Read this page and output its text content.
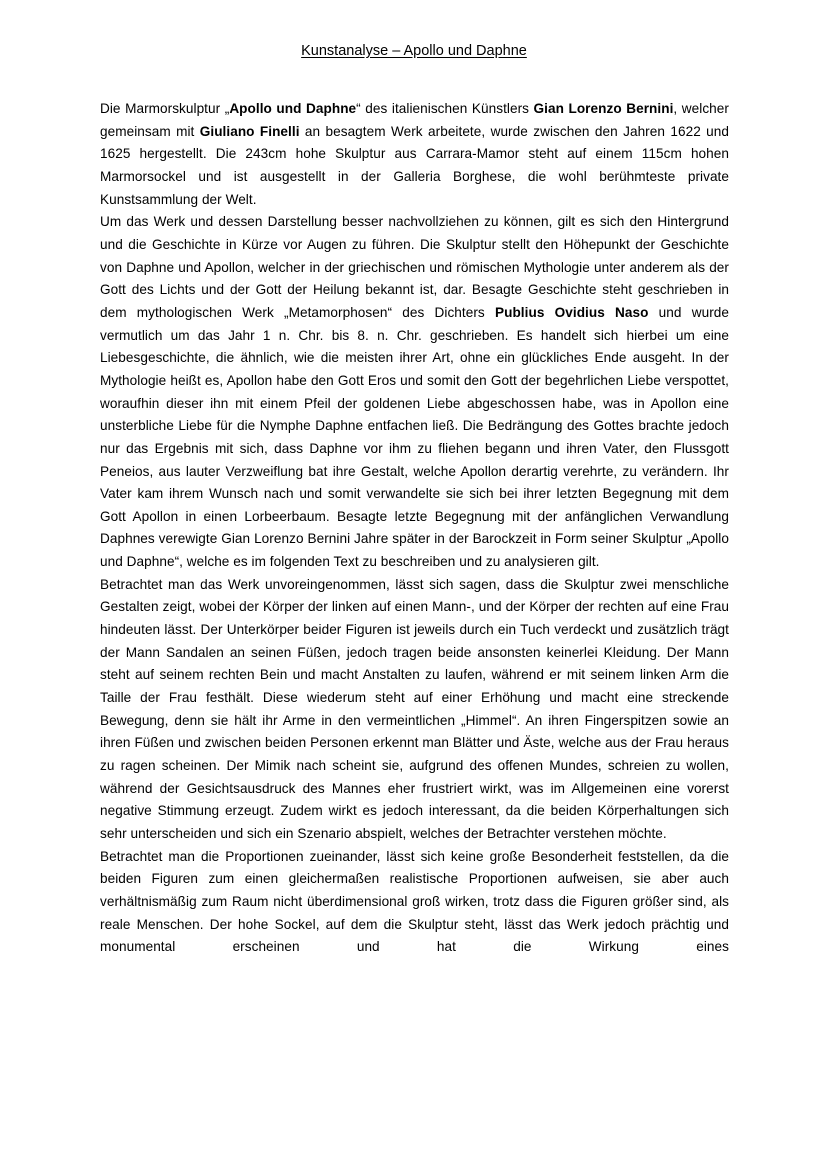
Kunstanalyse – Apollo und Daphne

Die Marmorskulptur „Apollo und Daphne“ des italienischen Künstlers Gian Lorenzo Bernini, welcher gemeinsam mit Giuliano Finelli an besagtem Werk arbeitete, wurde zwischen den Jahren 1622 und 1625 hergestellt. Die 243cm hohe Skulptur aus Carrara-Mamor steht auf einem 115cm hohen Marmorsockel und ist ausgestellt in der Galleria Borghese, die wohl berühmteste private Kunstsammlung der Welt.

Um das Werk und dessen Darstellung besser nachvollziehen zu können, gilt es sich den Hintergrund und die Geschichte in Kürze vor Augen zu führen. Die Skulptur stellt den Höhepunkt der Geschichte von Daphne und Apollon, welcher in der griechischen und römischen Mythologie unter anderem als der Gott des Lichts und der Gott der Heilung bekannt ist, dar. Besagte Geschichte steht geschrieben in dem mythologischen Werk „Metamorphosen“ des Dichters Publius Ovidius Naso und wurde vermutlich um das Jahr 1 n. Chr. bis 8. n. Chr. geschrieben. Es handelt sich hierbei um eine Liebesgeschichte, die ähnlich, wie die meisten ihrer Art, ohne ein glückliches Ende ausgeht. In der Mythologie heißt es, Apollon habe den Gott Eros und somit den Gott der begehrlichen Liebe verspottet, woraufhin dieser ihn mit einem Pfeil der goldenen Liebe abgeschossen habe, was in Apollon eine unsterbliche Liebe für die Nymphe Daphne entfachen ließ. Die Bedrängung des Gottes brachte jedoch nur das Ergebnis mit sich, dass Daphne vor ihm zu fliehen begann und ihren Vater, den Flussgott Peneios, aus lauter Verzweiflung bat ihre Gestalt, welche Apollon derartig verehrte, zu verändern. Ihr Vater kam ihrem Wunsch nach und somit verwandelte sie sich bei ihrer letzten Begegnung mit dem Gott Apollon in einen Lorbeerbaum. Besagte letzte Begegnung mit der anfänglichen Verwandlung Daphnes verewigte Gian Lorenzo Bernini Jahre später in der Barockzeit in Form seiner Skulptur „Apollo und Daphne“, welche es im folgenden Text zu beschreiben und zu analysieren gilt.

Betrachtet man das Werk unvoreingenommen, lässt sich sagen, dass die Skulptur zwei menschliche Gestalten zeigt, wobei der Körper der linken auf einen Mann-, und der Körper der rechten auf eine Frau hindeuten lässt. Der Unterkörper beider Figuren ist jeweils durch ein Tuch verdeckt und zusätzlich trägt der Mann Sandalen an seinen Füßen, jedoch tragen beide ansonsten keinerlei Kleidung. Der Mann steht auf seinem rechten Bein und macht Anstalten zu laufen, während er mit seinem linken Arm die Taille der Frau festhält. Diese wiederum steht auf einer Erhöhung und macht eine streckende Bewegung, denn sie hält ihr Arme in den vermeintlichen „Himmel“. An ihren Fingerspitzen sowie an ihren Füßen und zwischen beiden Personen erkennt man Blätter und Äste, welche aus der Frau heraus zu ragen scheinen. Der Mimik nach scheint sie, aufgrund des offenen Mundes, schreien zu wollen, während der Gesichtsausdruck des Mannes eher frustriert wirkt, was im Allgemeinen eine vorerst negative Stimmung erzeugt. Zudem wirkt es jedoch interessant, da die beiden Körperhaltungen sich sehr unterscheiden und sich ein Szenario abspielt, welches der Betrachter verstehen möchte.

Betrachtet man die Proportionen zueinander, lässt sich keine große Besonderheit feststellen, da die beiden Figuren zum einen gleichermaßen realistische Proportionen aufweisen, sie aber auch verhältnismäßig zum Raum nicht überdimensional groß wirken, trotz dass die Figuren größer sind, als reale Menschen. Der hohe Sockel, auf dem die Skulptur steht, lässt das Werk jedoch prächtig und monumental erscheinen und hat die Wirkung eines
